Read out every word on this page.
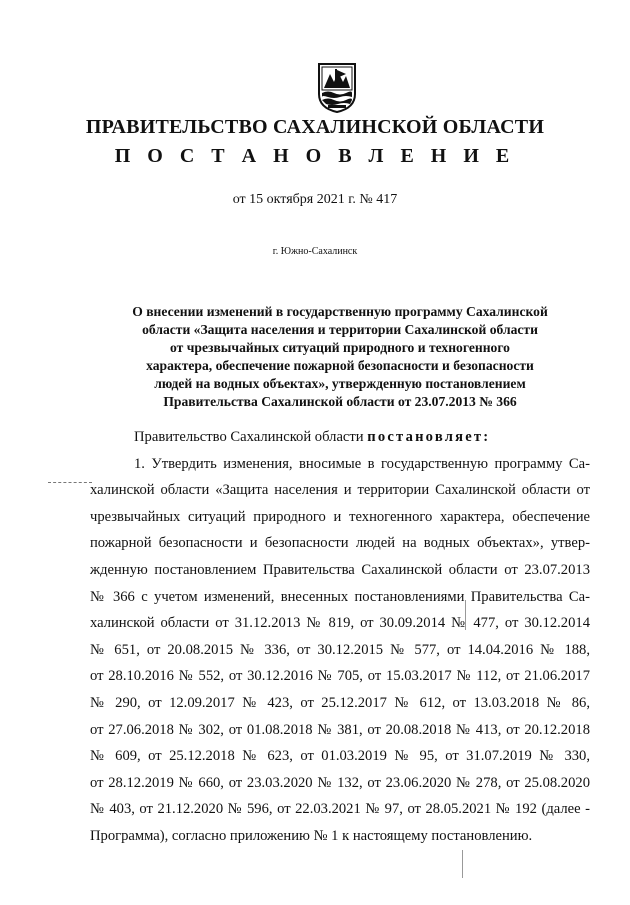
ПРАВИТЕЛЬСТВО САХАЛИНСКОЙ ОБЛАСТИ
П О С Т А Н О В Л Е Н И Е

от 15 октября 2021 г. № 417

г. Южно-Сахалинск

О внесении изменений в государственную программу Сахалинской
области «Защита населения и территории Сахалинской области
от чрезвычайных ситуаций природного и техногенного
характера, обеспечение пожарной безопасности и безопасности
людей на водных объектах», утвержденную постановлением
Правительства Сахалинской области от 23.07.2013 № 366
Правительство Сахалинской области постановляет:
1. Утвердить изменения, вносимые в государственную программу Са-
халинской области «Защита населения и территории Сахалинской области от
чрезвычайных ситуаций природного и техногенного характера, обеспечение
пожарной безопасности и безопасности людей на водных объектах», утвер-
жденную постановлением Правительства Сахалинской области от 23.07.2013
№ 366 с учетом изменений, внесенных постановлениями Правительства Са-
халинской области от 31.12.2013 № 819, от 30.09.2014 № 477, от 30.12.2014
№ 651, от 20.08.2015 № 336, от 30.12.2015 № 577, от 14.04.2016 № 188,
от 28.10.2016 № 552, от 30.12.2016 № 705, от 15.03.2017 № 112, от 21.06.2017
№ 290, от 12.09.2017 № 423, от 25.12.2017 № 612, от 13.03.2018 № 86,
от 27.06.2018 № 302, от 01.08.2018 № 381, от 20.08.2018 № 413, от 20.12.2018
№ 609, от 25.12.2018 № 623, от 01.03.2019 № 95, от 31.07.2019 № 330,
от 28.12.2019 № 660, от 23.03.2020 № 132, от 23.06.2020 № 278, от 25.08.2020
№ 403, от 21.12.2020 № 596, от 22.03.2021 № 97, от 28.05.2021 № 192 (далее -
Программа), согласно приложению № 1 к настоящему постановлению.
